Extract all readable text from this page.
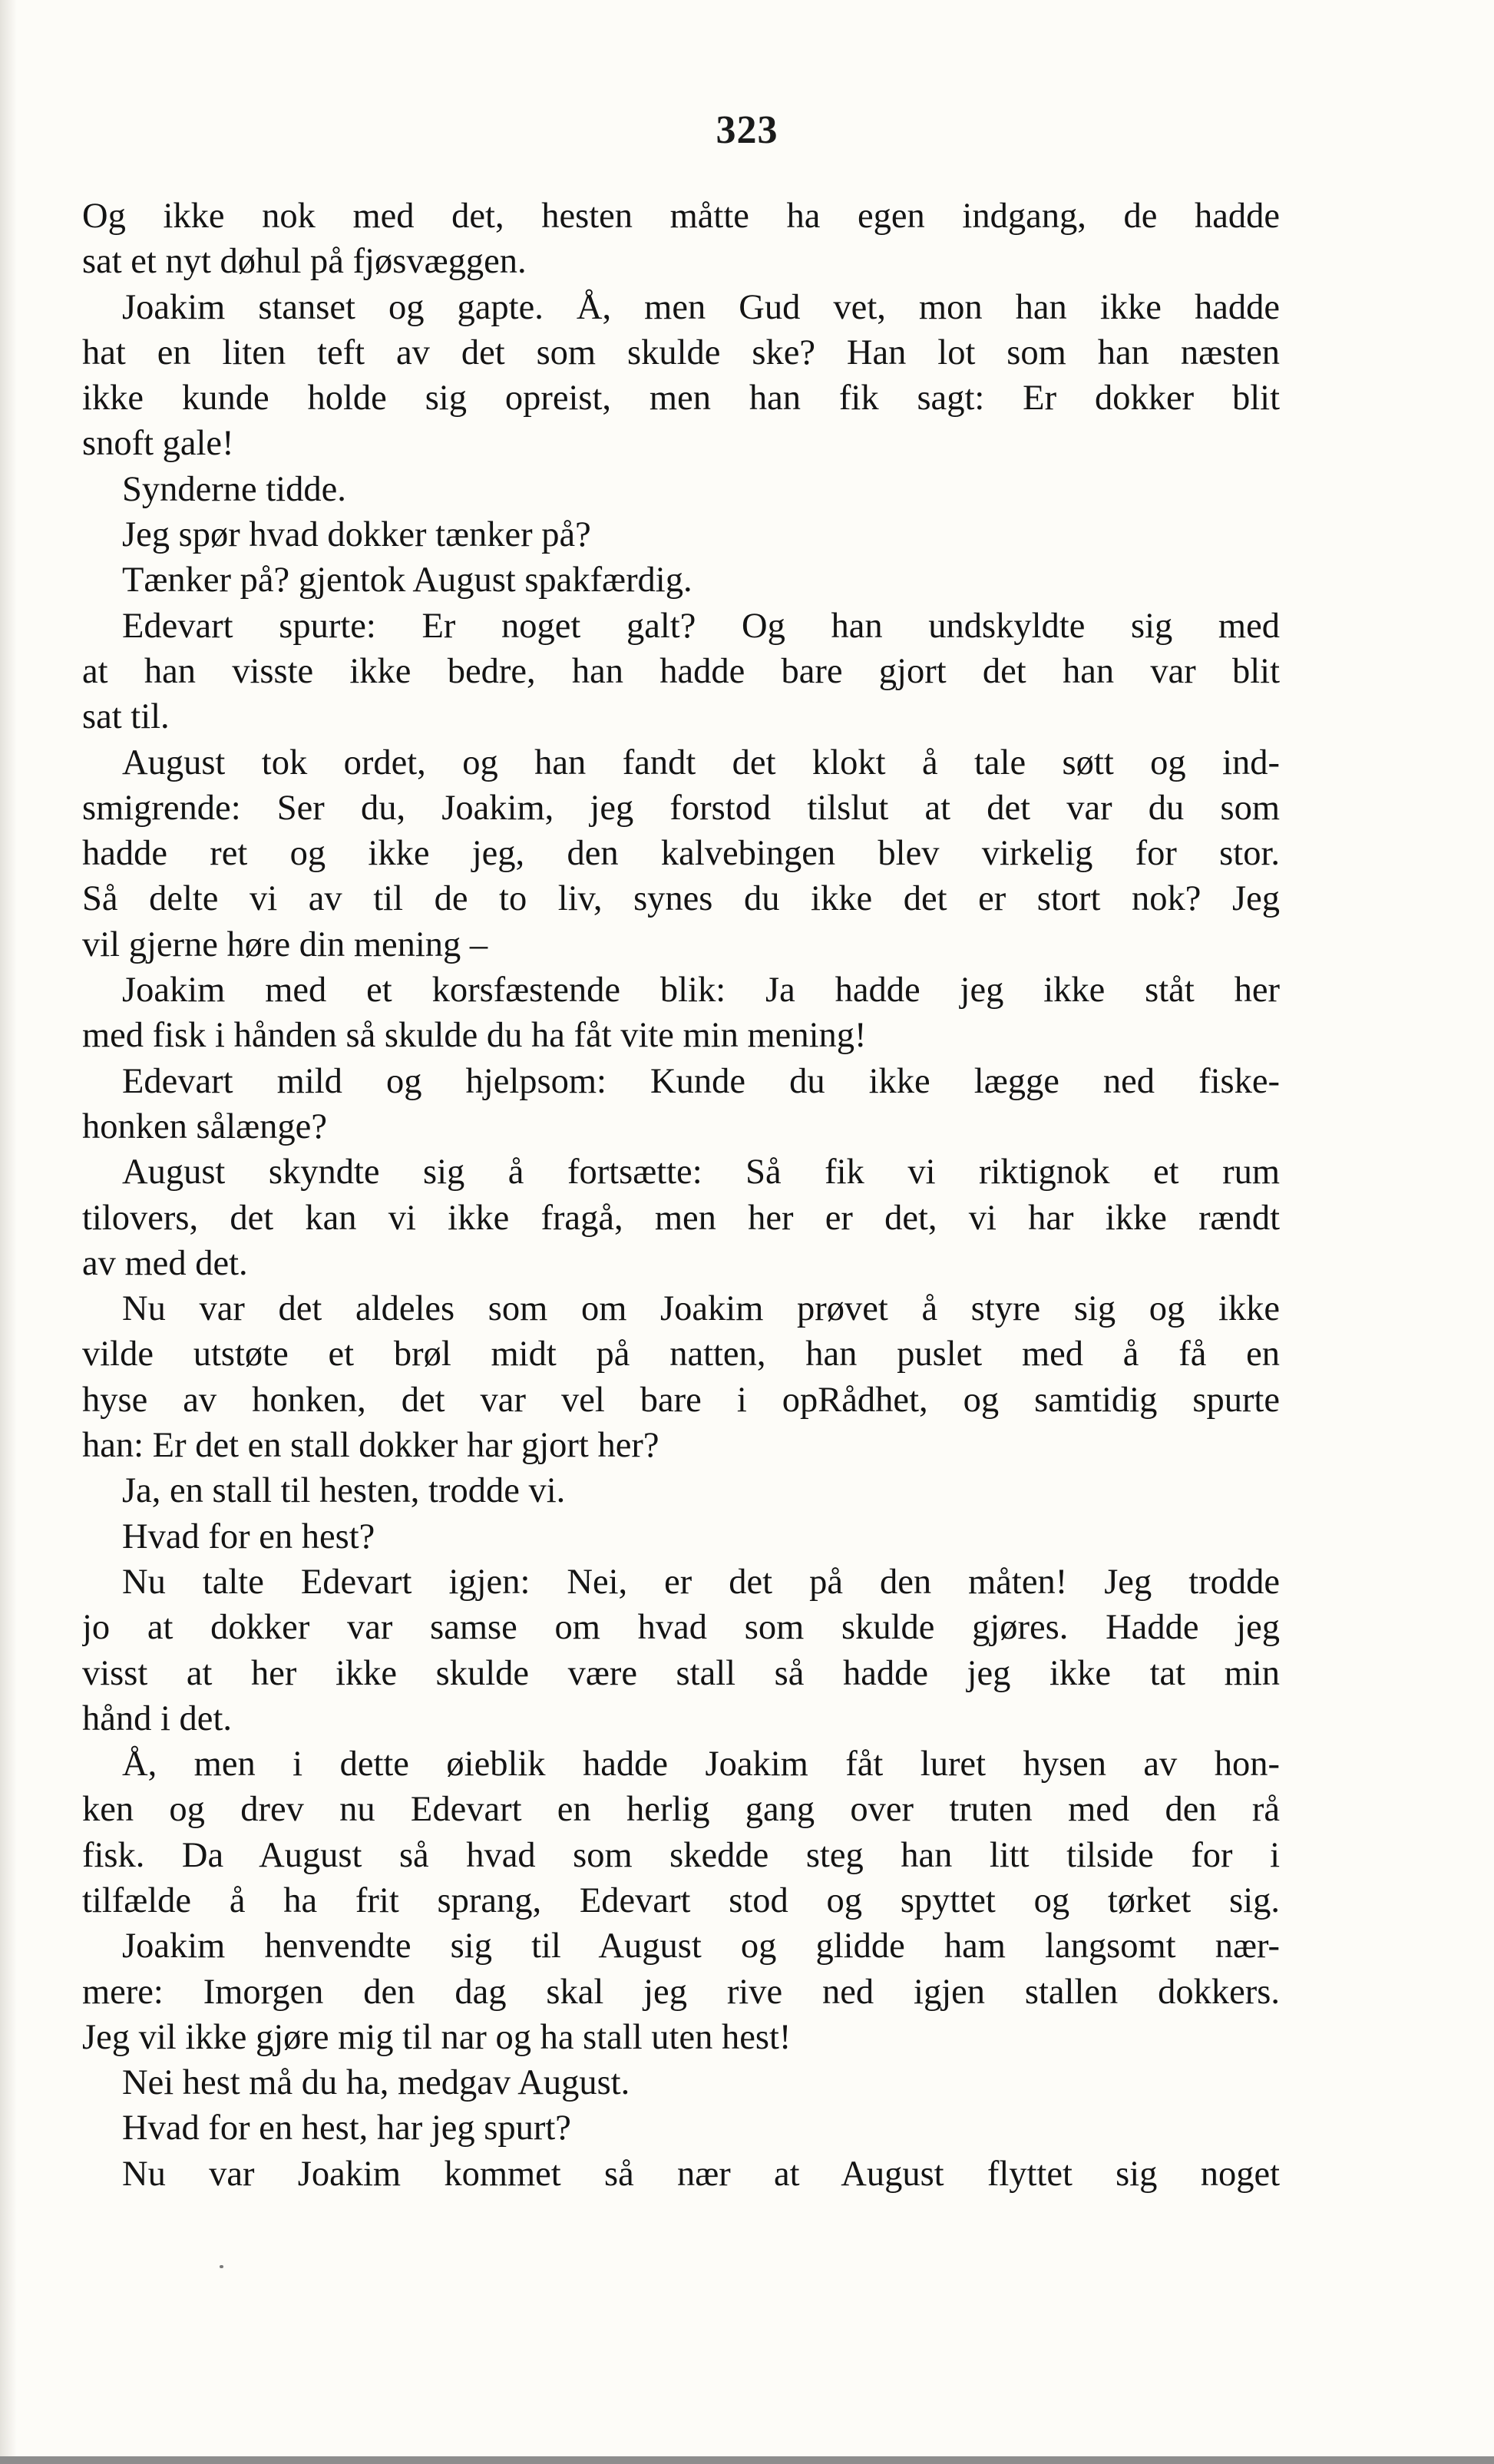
323
Og ikke nok med det, hesten måtte ha egen indgang, de hadde
sat et nyt døhul på fjøsvæggen.
Joakim stanset og gapte. Å, men Gud vet, mon han ikke hadde
hat en liten teft av det som skulde ske? Han lot som han næsten
ikke kunde holde sig opreist, men han fik sagt: Er dokker blit
snoft gale!
Synderne tidde.
Jeg spør hvad dokker tænker på?
Tænker på? gjentok August spakfærdig.
Edevart spurte: Er noget galt? Og han undskyldte sig med
at han visste ikke bedre, han hadde bare gjort det han var blit
sat til.
August tok ordet, og han fandt det klokt å tale søtt og ind-
smigrende: Ser du, Joakim, jeg forstod tilslut at det var du som
hadde ret og ikke jeg, den kalvebingen blev virkelig for stor.
Så delte vi av til de to liv, synes du ikke det er stort nok? Jeg
vil gjerne høre din mening –
Joakim med et korsfæstende blik: Ja hadde jeg ikke ståt her
med fisk i hånden så skulde du ha fåt vite min mening!
Edevart mild og hjelpsom: Kunde du ikke lægge ned fiske-
honken sålænge?
August skyndte sig å fortsætte: Så fik vi riktignok et rum
tilovers, det kan vi ikke fragå, men her er det, vi har ikke rændt
av med det.
Nu var det aldeles som om Joakim prøvet å styre sig og ikke
vilde utstøte et brøl midt på natten, han puslet med å få en
hyse av honken, det var vel bare i opRådhet, og samtidig spurte
han: Er det en stall dokker har gjort her?
Ja, en stall til hesten, trodde vi.
Hvad for en hest?
Nu talte Edevart igjen: Nei, er det på den måten! Jeg trodde
jo at dokker var samse om hvad som skulde gjøres. Hadde jeg
visst at her ikke skulde være stall så hadde jeg ikke tat min
hånd i det.
Å, men i dette øieblik hadde Joakim fåt luret hysen av hon-
ken og drev nu Edevart en herlig gang over truten med den rå
fisk. Da August så hvad som skedde steg han litt tilside for i
tilfælde å ha frit sprang, Edevart stod og spyttet og tørket sig.
Joakim henvendte sig til August og glidde ham langsomt nær-
mere: Imorgen den dag skal jeg rive ned igjen stallen dokkers.
Jeg vil ikke gjøre mig til nar og ha stall uten hest!
Nei hest må du ha, medgav August.
Hvad for en hest, har jeg spurt?
Nu var Joakim kommet så nær at August flyttet sig noget
